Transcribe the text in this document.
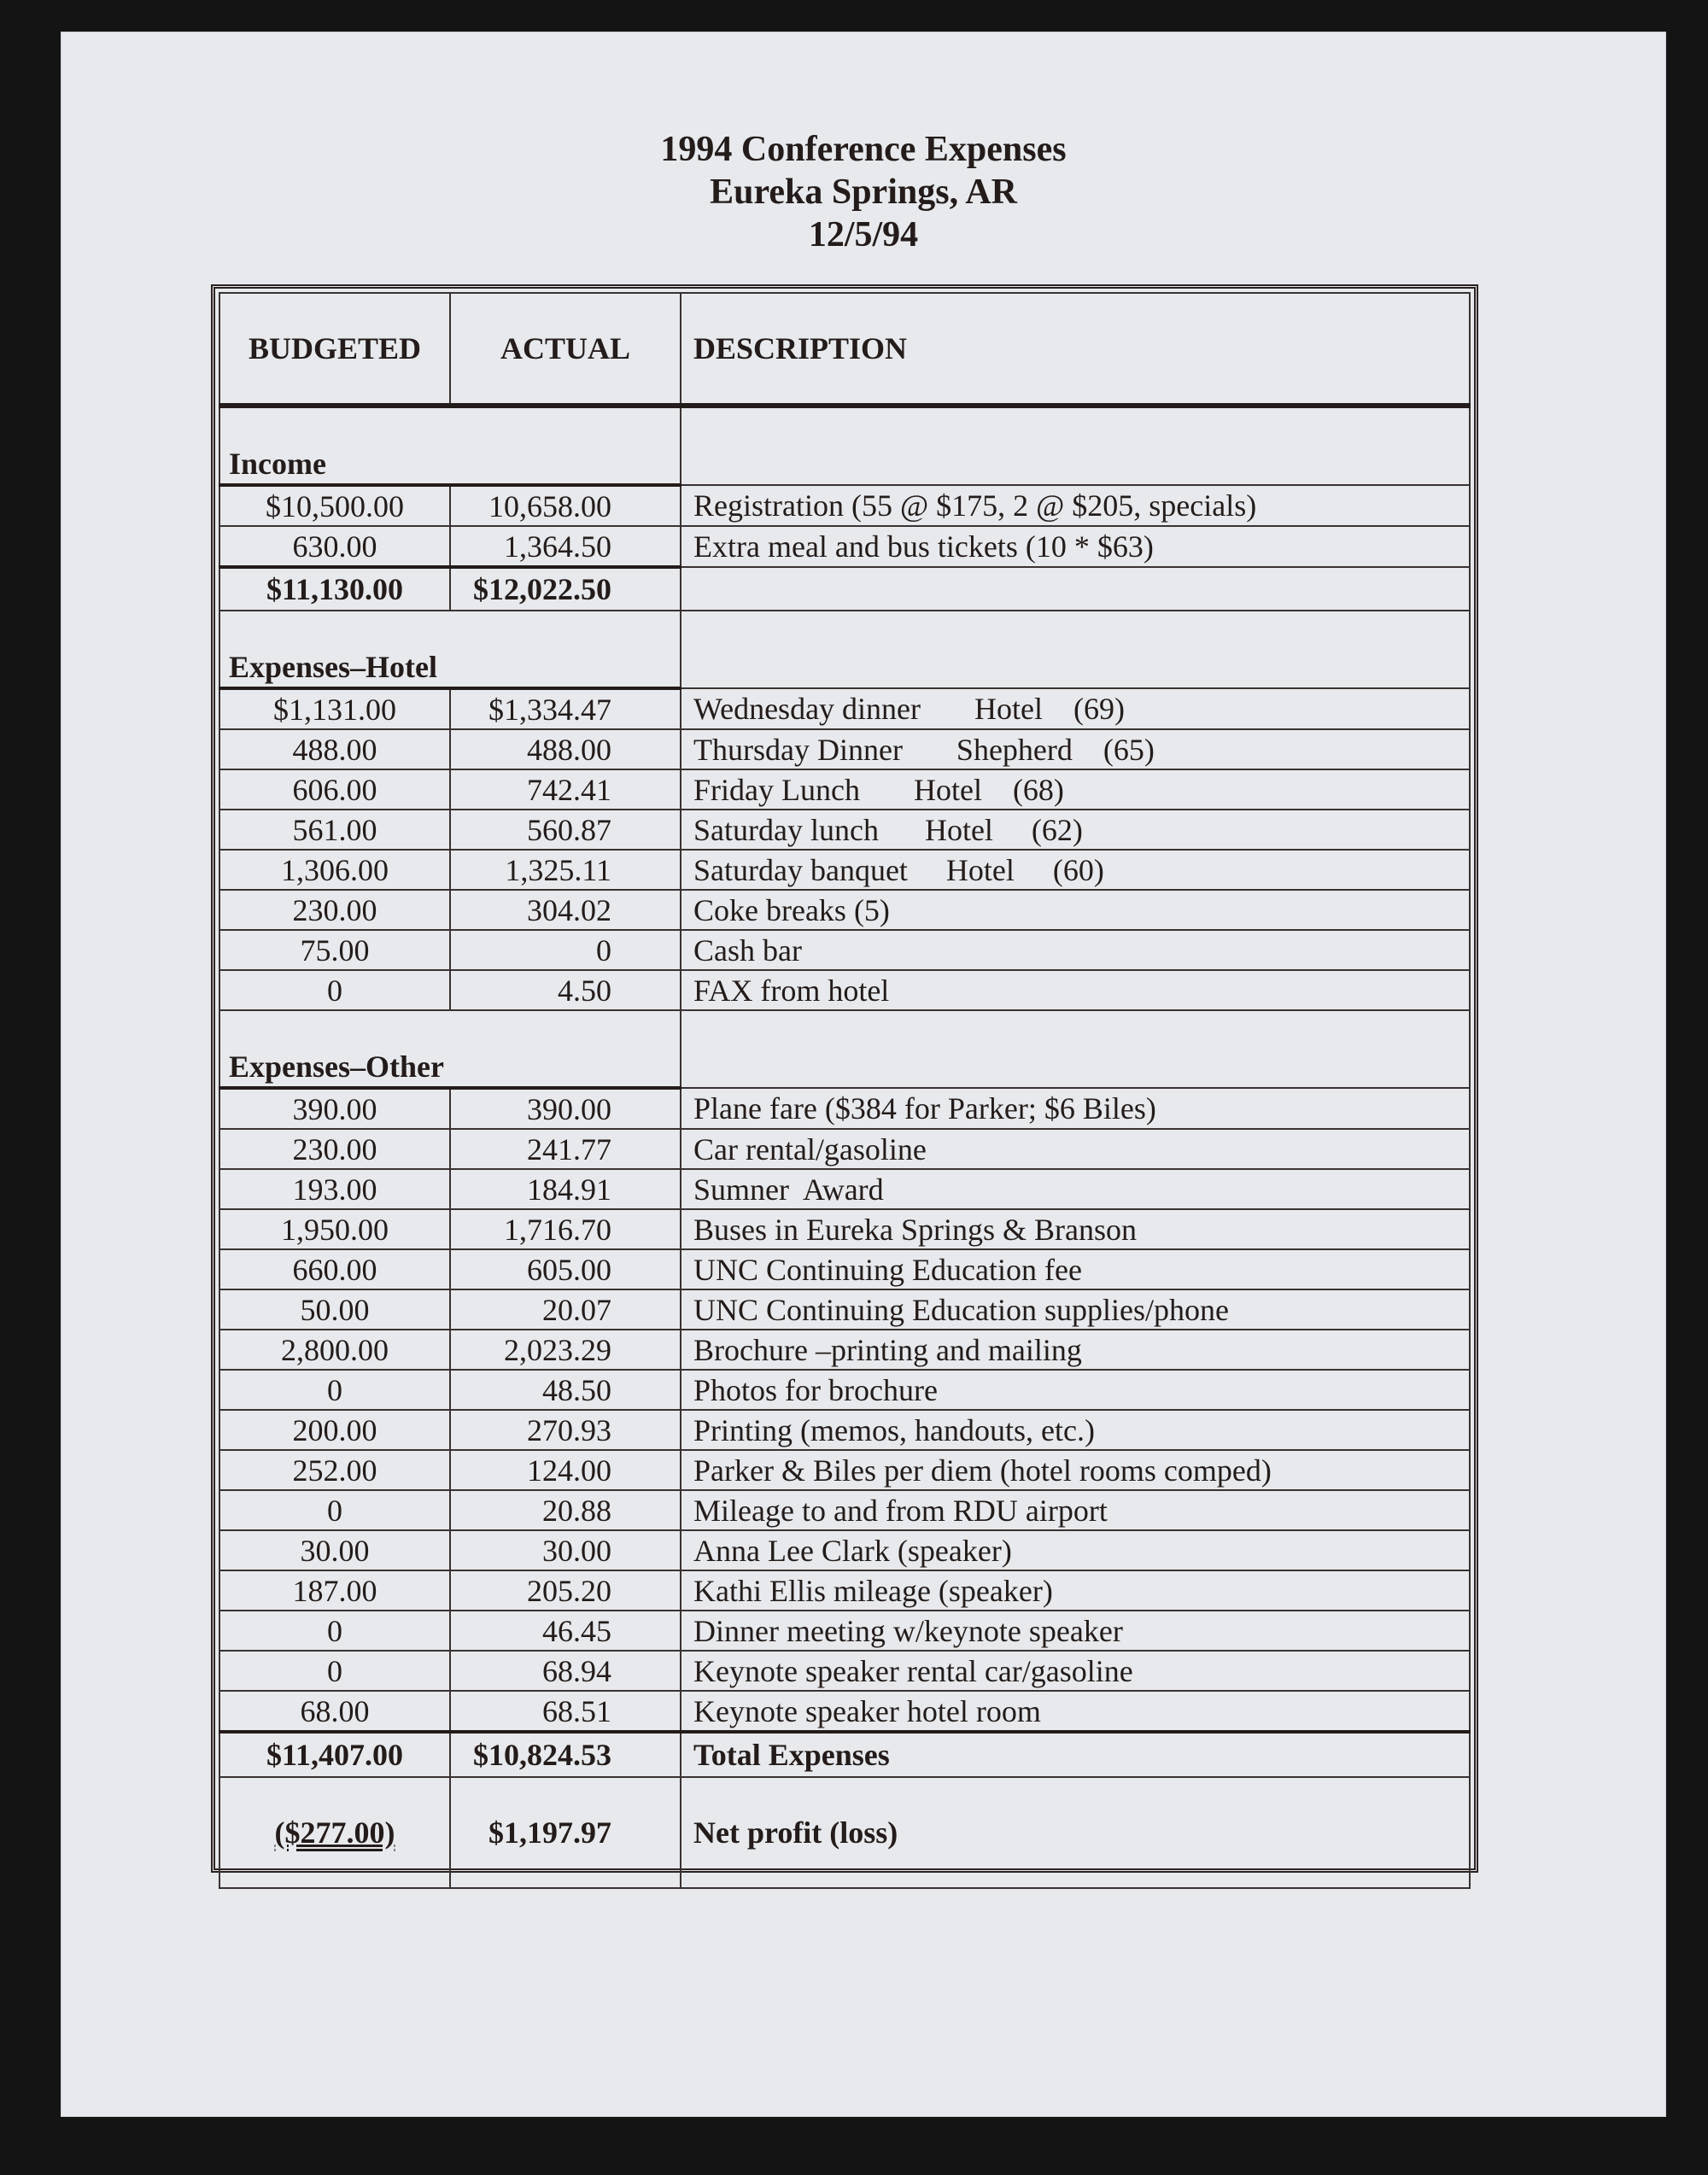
1994 Conference Expenses
Eureka Springs, AR
12/5/94
BUDGETED	ACTUAL	DESCRIPTION
Income		
$10,500.00	10,658.00	Registration (55 @ $175, 2 @ $205, specials)
630.00	1,364.50	Extra meal and bus tickets (10 * $63)
$11,130.00	$12,022.50	
Expenses–Hotel		
$1,131.00	$1,334.47	Wednesday dinner       Hotel    (69)
488.00	488.00	Thursday Dinner       Shepherd    (65)
606.00	742.41	Friday Lunch       Hotel    (68)
561.00	560.87	Saturday lunch      Hotel     (62)
1,306.00	1,325.11	Saturday banquet     Hotel     (60)
230.00	304.02	Coke breaks (5)
75.00	0	Cash bar
0	4.50	FAX from hotel
Expenses–Other		
390.00	390.00	Plane fare ($384 for Parker; $6 Biles)
230.00	241.77	Car rental/gasoline
193.00	184.91	Sumner  Award
1,950.00	1,716.70	Buses in Eureka Springs & Branson
660.00	605.00	UNC Continuing Education fee
50.00	20.07	UNC Continuing Education supplies/phone
2,800.00	2,023.29	Brochure –printing and mailing
0	48.50	Photos for brochure
200.00	270.93	Printing (memos, handouts, etc.)
252.00	124.00	Parker & Biles per diem (hotel rooms comped)
0	20.88	Mileage to and from RDU airport
30.00	30.00	Anna Lee Clark (speaker)
187.00	205.20	Kathi Ellis mileage (speaker)
0	46.45	Dinner meeting w/keynote speaker
0	68.94	Keynote speaker rental car/gasoline
68.00	68.51	Keynote speaker hotel room
$11,407.00	$10,824.53	Total Expenses
($277.00)	$1,197.97	Net profit (loss)
